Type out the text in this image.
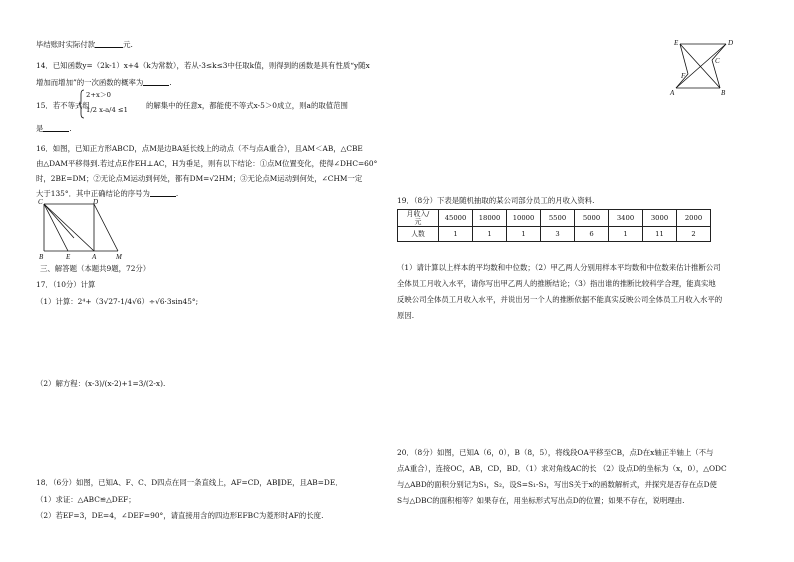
毕结账时实际付款	元.
14．已知函数y=（2k-1）x+4（k为常数），若从-3≤k≤3中任取k值，则得到的函数是具有性质“y随x
增加而增加”的一次函数的概率为	.
15．若不等式组
2+x＞0
1/2 x-a/4 ≤1 的解集中的任意x，都能使不等式x-5＞0成立，则a的取值范围
是	.
16．如图，已知正方形ABCD，点M是边BA延长线上的动点（不与点A重合），且AM＜AB，△CBE
由△DAM平移得到.若过点E作EH⊥AC，H为垂足，则有以下结论：①点M位置变化，使得∠DHC=60°
时，2BE=DM；②无论点M运动到何处，都有DM=√2HM；③无论点M运动到何处，∠CHM一定
大于135°．其中正确结论的序号为	.
C	D
B	E	A	M
三、解答题（本题共9题，72分）
17．（10分）计算
（1）计算：2⁴+（3√27-1/4√6）÷√6·3sin45°;
（2）解方程：(x-3)/(x-2)+1=3/(2-x).
18．（6分）如图，已知A、F、C、D四点在同一条直线上，AF=CD，AB∥DE，且AB=DE．
（1）求证：△ABC≌△DEF；
（2）若EF=3，DE=4，∠DEF=90°，请直接用含的四边形EFBC为菱形时AF的长度.
E	D
F
C
A	B
19．（8分）下表是随机抽取的某公司部分员工的月收入资料.
月收入/
元	45000	18000	10000	5500	5000	3400	3000	2000
人数	1	1	1	3	6	1	11	2
（1）请计算以上样本的平均数和中位数；（2）甲乙两人分别用样本平均数和中位数来估计推断公司
全体员工月收入水平，请你写出甲乙两人的推断结论；（3）指出谁的推断比较科学合理，能真实地
反映公司全体员工月收入水平，并说出另一个人的推断依据不能真实反映公司全体员工月收入水平的
原因.
20．（8分）如图，已知A（6，0），B（8，5），将线段OA平移至CB，点D在x轴正半轴上（不与
点A重合），连接OC，AB，CD，BD．（1）求对角线AC的长 （2）设点D的坐标为（x，0），△ODC
与△ABD的面积分别记为S₁，S₂，设S=S₁-S₂，写出S关于x的函数解析式，并探究是否存在点D使
S与△DBC的面积相等？如果存在，用坐标形式写出点D的位置；如果不存在，说明理由.
